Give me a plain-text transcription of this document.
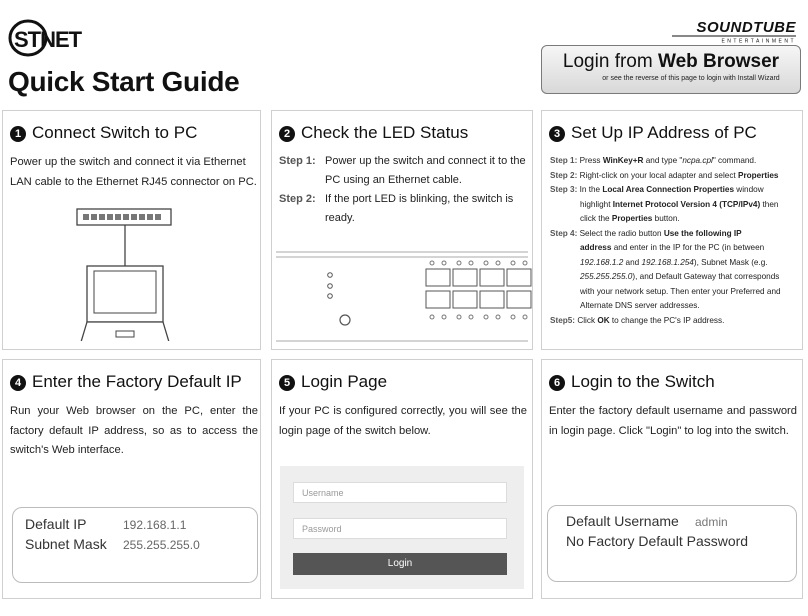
STNET
Quick Start Guide
SOUNDTUBE
ENTERTAINMENT
Login from Web Browser
or see the reverse of this page to login with Install Wizard
1 Connect Switch to PC
Power up the switch and connect it via Ethernet LAN cable to the Ethernet RJ45 connector on PC.
2 Check the LED Status
Step 1: Power up the switch and connect it to the PC using an Ethernet cable.
Step 2: If the port LED is blinking, the switch is ready.
3 Set Up IP Address of PC
Step 1:
Press
WinKey+R
and type " ncpa.cpl " command.
Step 2:
Right-click on your local adapter and select
Properties
Step 3: In the Local Area Connection Properties window
highlight Internet Protocol Version 4 (TCP/IPv4) then
click the Properties button.
Step 4: Select the radio button Use the following IP
address and enter in the IP for the PC (in between
192.168.1.2 and 192.168.1.254), Subnet Mask (e.g.
255.255.255.0), and Default Gateway that corresponds
with your network setup. Then enter your Preferred and
Alternate DNS server addresses.
Step5: Click OK to change the PC's IP address.
4 Enter the Factory Default IP
Run your Web browser on the PC, enter the factory default IP address, so as to access the switch's Web interface.
Default IP	192.168.1.1
Subnet Mask 255.255.255.0
5 Login Page
If your PC is configured correctly, you will see the login page of the switch below.
Username
Password
Login
6 Login to the Switch
Enter the factory default username and password in login page. Click "Login" to log into the switch.
Default Username admin
No Factory Default Password
